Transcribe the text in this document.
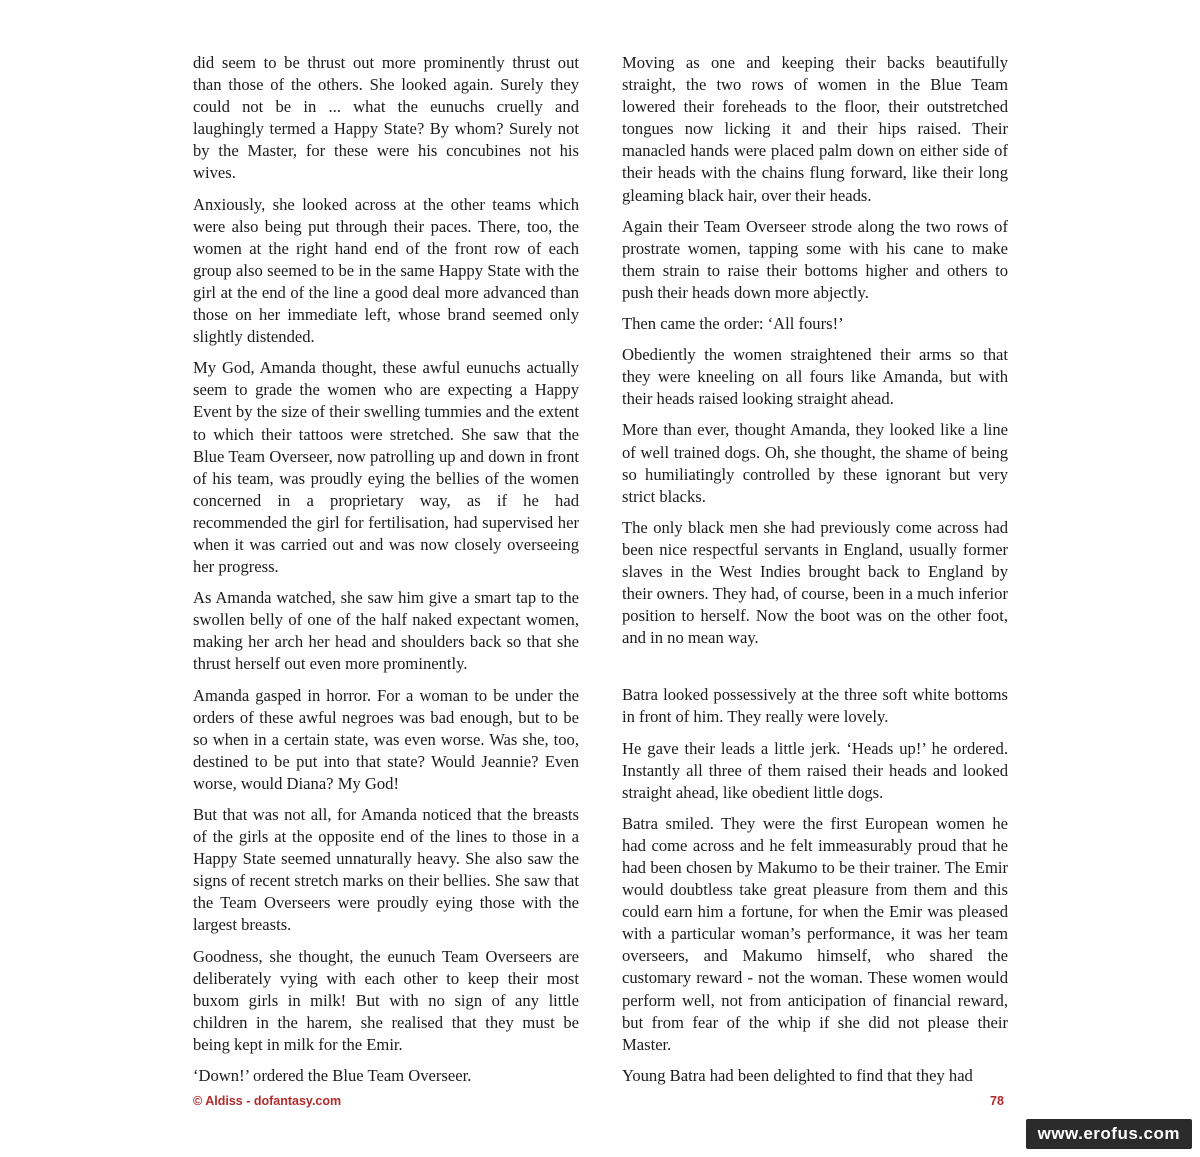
did seem to be thrust out more prominently thrust out than those of the others. She looked again. Surely they could not be in ... what the eunuchs cruelly and laughingly termed a Happy State? By whom? Surely not by the Master, for these were his concubines not his wives.

Anxiously, she looked across at the other teams which were also being put through their paces. There, too, the women at the right hand end of the front row of each group also seemed to be in the same Happy State with the girl at the end of the line a good deal more advanced than those on her immediate left, whose brand seemed only slightly distended.

My God, Amanda thought, these awful eunuchs actually seem to grade the women who are expecting a Happy Event by the size of their swelling tummies and the extent to which their tattoos were stretched. She saw that the Blue Team Overseer, now patrolling up and down in front of his team, was proudly eying the bellies of the women concerned in a proprietary way, as if he had recommended the girl for fertilisation, had supervised her when it was carried out and was now closely overseeing her progress.

As Amanda watched, she saw him give a smart tap to the swollen belly of one of the half naked expectant women, making her arch her head and shoulders back so that she thrust herself out even more prominently.

Amanda gasped in horror. For a woman to be under the orders of these awful negroes was bad enough, but to be so when in a certain state, was even worse. Was she, too, destined to be put into that state? Would Jeannie? Even worse, would Diana? My God!

But that was not all, for Amanda noticed that the breasts of the girls at the opposite end of the lines to those in a Happy State seemed unnaturally heavy. She also saw the signs of recent stretch marks on their bellies. She saw that the Team Overseers were proudly eying those with the largest breasts.

Goodness, she thought, the eunuch Team Overseers are deliberately vying with each other to keep their most buxom girls in milk! But with no sign of any little children in the harem, she realised that they must be being kept in milk for the Emir.

‘Down!’ ordered the Blue Team Overseer.

Moving as one and keeping their backs beautifully straight, the two rows of women in the Blue Team lowered their foreheads to the floor, their outstretched tongues now licking it and their hips raised. Their manacled hands were placed palm down on either side of their heads with the chains flung forward, like their long gleaming black hair, over their heads.

Again their Team Overseer strode along the two rows of prostrate women, tapping some with his cane to make them strain to raise their bottoms higher and others to push their heads down more abjectly.

Then came the order: ‘All fours!’

Obediently the women straightened their arms so that they were kneeling on all fours like Amanda, but with their heads raised looking straight ahead.

More than ever, thought Amanda, they looked like a line of well trained dogs. Oh, she thought, the shame of being so humiliatingly controlled by these ignorant but very strict blacks.

The only black men she had previously come across had been nice respectful servants in England, usually former slaves in the West Indies brought back to England by their owners. They had, of course, been in a much inferior position to herself. Now the boot was on the other foot, and in no mean way.

Batra looked possessively at the three soft white bottoms in front of him. They really were lovely.

He gave their leads a little jerk. ‘Heads up!’ he ordered. Instantly all three of them raised their heads and looked straight ahead, like obedient little dogs.

Batra smiled. They were the first European women he had come across and he felt immeasurably proud that he had been chosen by Makumo to be their trainer. The Emir would doubtless take great pleasure from them and this could earn him a fortune, for when the Emir was pleased with a particular woman’s performance, it was her team overseers, and Makumo himself, who shared the customary reward - not the woman. These women would perform well, not from anticipation of financial reward, but from fear of the whip if she did not please their Master.

Young Batra had been delighted to find that they had

© Aldiss - dofantasy.com	78
www.erofus.com
